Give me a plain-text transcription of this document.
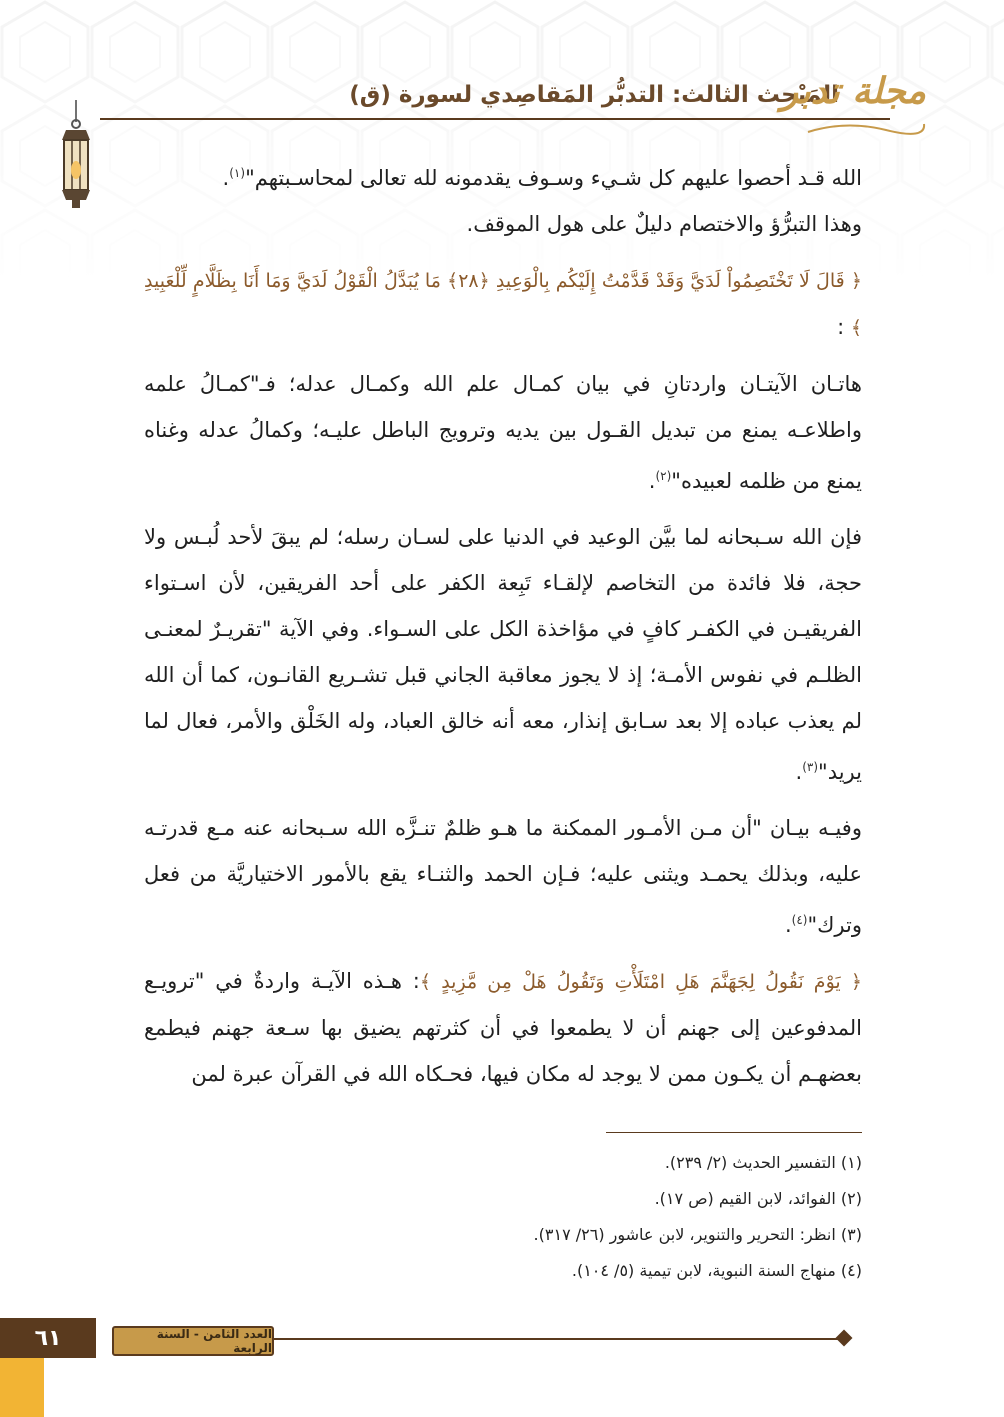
المَبْحث الثالث: التدبُّر المَقاصِدي لسورة (ق)
مجلة تدبر

الله قـد أحصوا عليهم كل شـيء وسـوف يقدمونه لله تعالى لمحاسـبتهم"$^{(١)}$.
وهذا التبرُّؤ والاختصام دليلٌ على هول الموقف.

﴿ قَالَ لَا تَخْتَصِمُواْ لَدَيَّ وَقَدْ قَدَّمْتُ إِلَيْكُم بِالْوَعِيدِ ﴿٢٨﴾ مَا يُبَدَّلُ الْقَوْلُ لَدَيَّ وَمَا أَنَا بِظَلَّامٍ لِّلْعَبِيدِ ﴾ :

هاتـان الآيتـان واردتانِ في بيان كمـال علم الله وكمـال عدله؛ فـ"كمـالُ علمه واطلاعـه يمنع من تبديل القـول بين يديه وترويج الباطل عليـه؛ وكمالُ عدله وغناه يمنع من ظلمه لعبيده"$^{(٢)}$.

فإن الله سـبحانه لما بيَّن الوعيد في الدنيا على لسـان رسله؛ لم يبقَ لأحد لُبـس ولا حجة، فلا فائدة من التخاصم لإلقـاء تَبِعة الكفر على أحد الفريقين، لأن اسـتواء الفريقيـن في الكفـر كافٍ في مؤاخذة الكل على السـواء. وفي الآية "تقريـرٌ لمعنـى الظلـم في نفوس الأمـة؛ إذ لا يجوز معاقبة الجاني قبل تشـريع القانـون، كما أن الله لم يعذب عباده إلا بعد سـابق إنذار، معه أنه خالق العباد، وله الخَلْق والأمر، فعال لما يريد"$^{(٣)}$.

وفيـه بيـان "أن مـن الأمـور الممكنة ما هـو ظلمٌ تنـزَّه الله سـبحانه عنه مـع قدرتـه عليه، وبذلك يحمـد ويثنى عليه؛ فـإن الحمد والثنـاء يقع بالأمور الاختياريَّة من فعل وترك"$^{(٤)}$.

﴿ يَوْمَ نَقُولُ لِجَهَنَّمَ هَلِ امْتَلَأْتِ وَتَقُولُ هَلْ مِن مَّزِيدٍ ﴾: هـذه الآيـة واردةٌ في "ترويـع المدفوعين إلى جهنم أن لا يطمعوا في أن كثرتهم يضيق بها سـعة جهنم فيطمع بعضهـم أن يكـون ممن لا يوجد له مكان فيها، فحـكاه الله في القرآن عبرة لمن

(١) التفسير الحديث (٢/ ٢٣٩).
(٢) الفوائد، لابن القيم (ص ١٧).
(٣) انظر: التحرير والتنوير، لابن عاشور (٢٦/ ٣١٧).
(٤) منهاج السنة النبوية، لابن تيمية (٥/ ١٠٤).
العدد الثامن - السنة الرابعة
٦١
